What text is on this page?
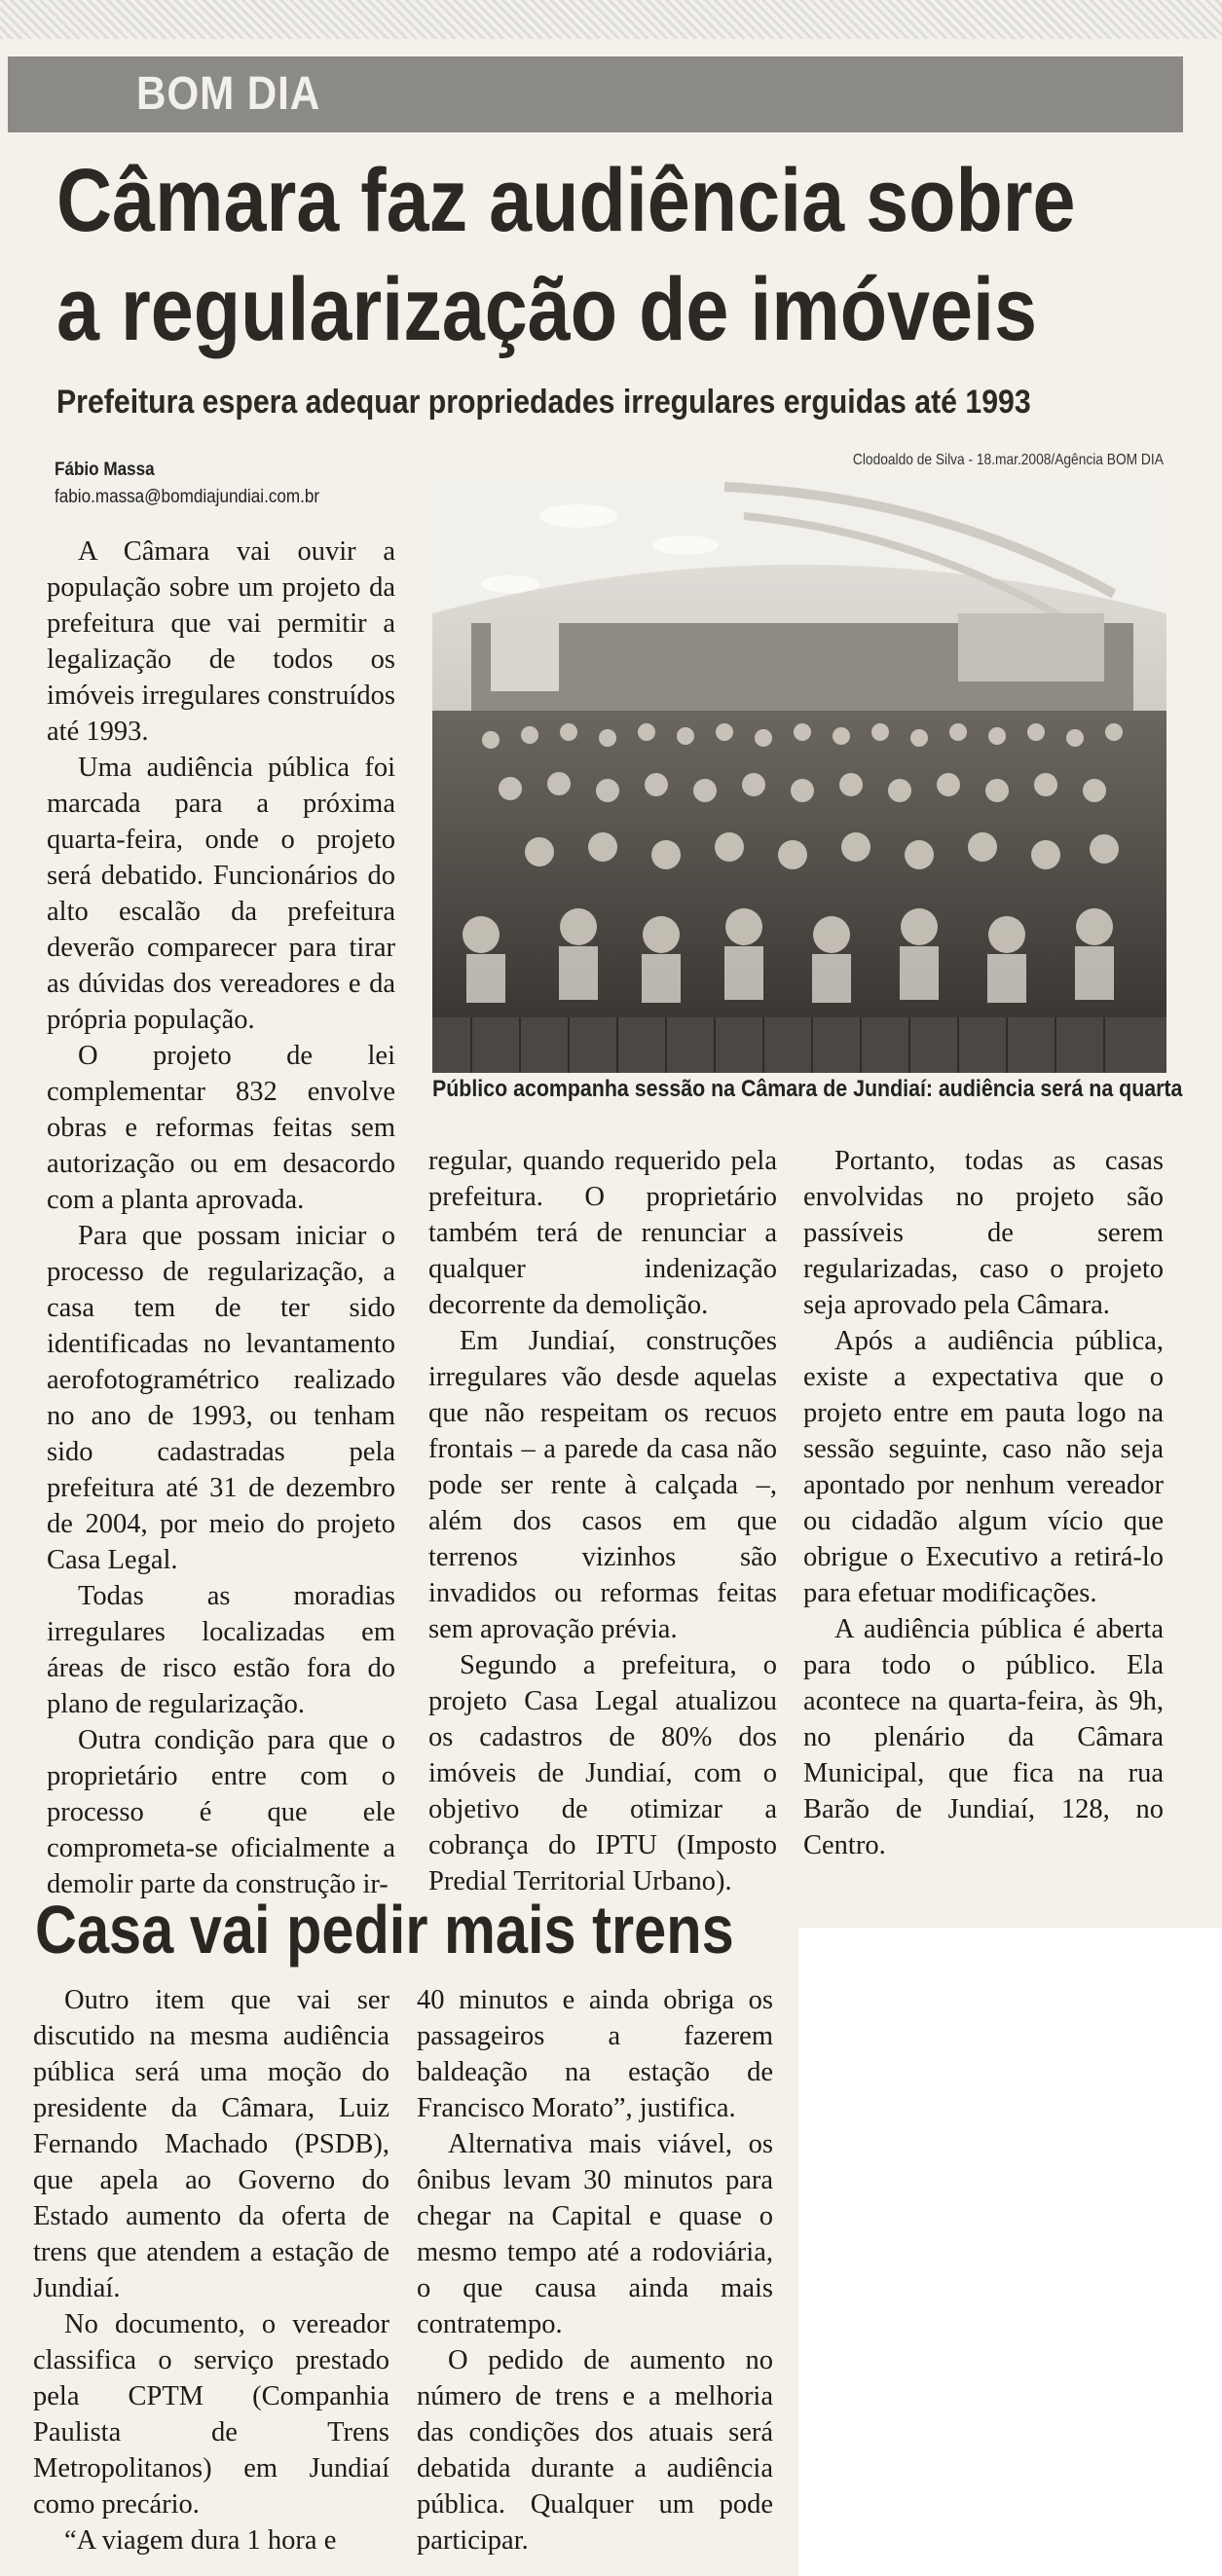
BOM DIA
Câmara faz audiência sobre
a regularização de imóveis
Prefeitura espera adequar propriedades irregulares erguidas até 1993
Fábio Massa
fabio.massa@bomdiajundiai.com.br
Clodoaldo de Silva - 18.mar.2008/Agência BOM DIA
Público acompanha sessão na Câmara de Jundiaí: audiência será na quarta

A Câmara vai ouvir a população sobre um projeto da prefeitura que vai permitir a legalização de todos os imóveis irregulares construídos até 1993.

Uma audiência pública foi marcada para a próxima quarta-feira, onde o projeto será debatido. Funcionários do alto escalão da prefeitura deverão comparecer para tirar as dúvidas dos vereadores e da própria população.

O projeto de lei complementar 832 envolve obras e reformas feitas sem autorização ou em desacordo com a planta aprovada.

Para que possam iniciar o processo de regularização, a casa tem de ter sido identificadas no levantamento aerofotogramétrico realizado no ano de 1993, ou tenham sido cadastradas pela prefeitura até 31 de dezembro de 2004, por meio do projeto Casa Legal.

Todas as moradias irregulares localizadas em áreas de risco estão fora do plano de regularização.

Outra condição para que o proprietário entre com o processo é que ele comprometa-se oficialmente a demolir parte da construção ir-

regular, quando requerido pela prefeitura. O proprietário também terá de renunciar a qualquer indenização decorrente da demolição.

Em Jundiaí, construções irregulares vão desde aquelas que não respeitam os recuos frontais – a parede da casa não pode ser rente à calçada –, além dos casos em que terrenos vizinhos são invadidos ou reformas feitas sem aprovação prévia.

Segundo a prefeitura, o projeto Casa Legal atualizou os cadastros de 80% dos imóveis de Jundiaí, com o objetivo de otimizar a cobrança do IPTU (Imposto Predial Territorial Urbano).

Portanto, todas as casas envolvidas no projeto são passíveis de serem regularizadas, caso o projeto seja aprovado pela Câmara.

Após a audiência pública, existe a expectativa que o projeto entre em pauta logo na sessão seguinte, caso não seja apontado por nenhum vereador ou cidadão algum vício que obrigue o Executivo a retirá-lo para efetuar modificações.

A audiência pública é aberta para todo o público. Ela acontece na quarta-feira, às 9h, no plenário da Câmara Municipal, que fica na rua Barão de Jundiaí, 128, no Centro.

Casa vai pedir mais trens

Outro item que vai ser discutido na mesma audiência pública será uma moção do presidente da Câmara, Luiz Fernando Machado (PSDB), que apela ao Governo do Estado aumento da oferta de trens que atendem a estação de Jundiaí.

No documento, o vereador classifica o serviço prestado pela CPTM (Companhia Paulista de Trens Metropolitanos) em Jundiaí como precário.

“A viagem dura 1 hora e

40 minutos e ainda obriga os passageiros a fazerem baldeação na estação de Francisco Morato”, justifica.

Alternativa mais viável, os ônibus levam 30 minutos para chegar na Capital e quase o mesmo tempo até a rodoviária, o que causa ainda mais contratempo.

O pedido de aumento no número de trens e a melhoria das condições dos atuais será debatida durante a audiência pública. Qualquer um pode participar.
